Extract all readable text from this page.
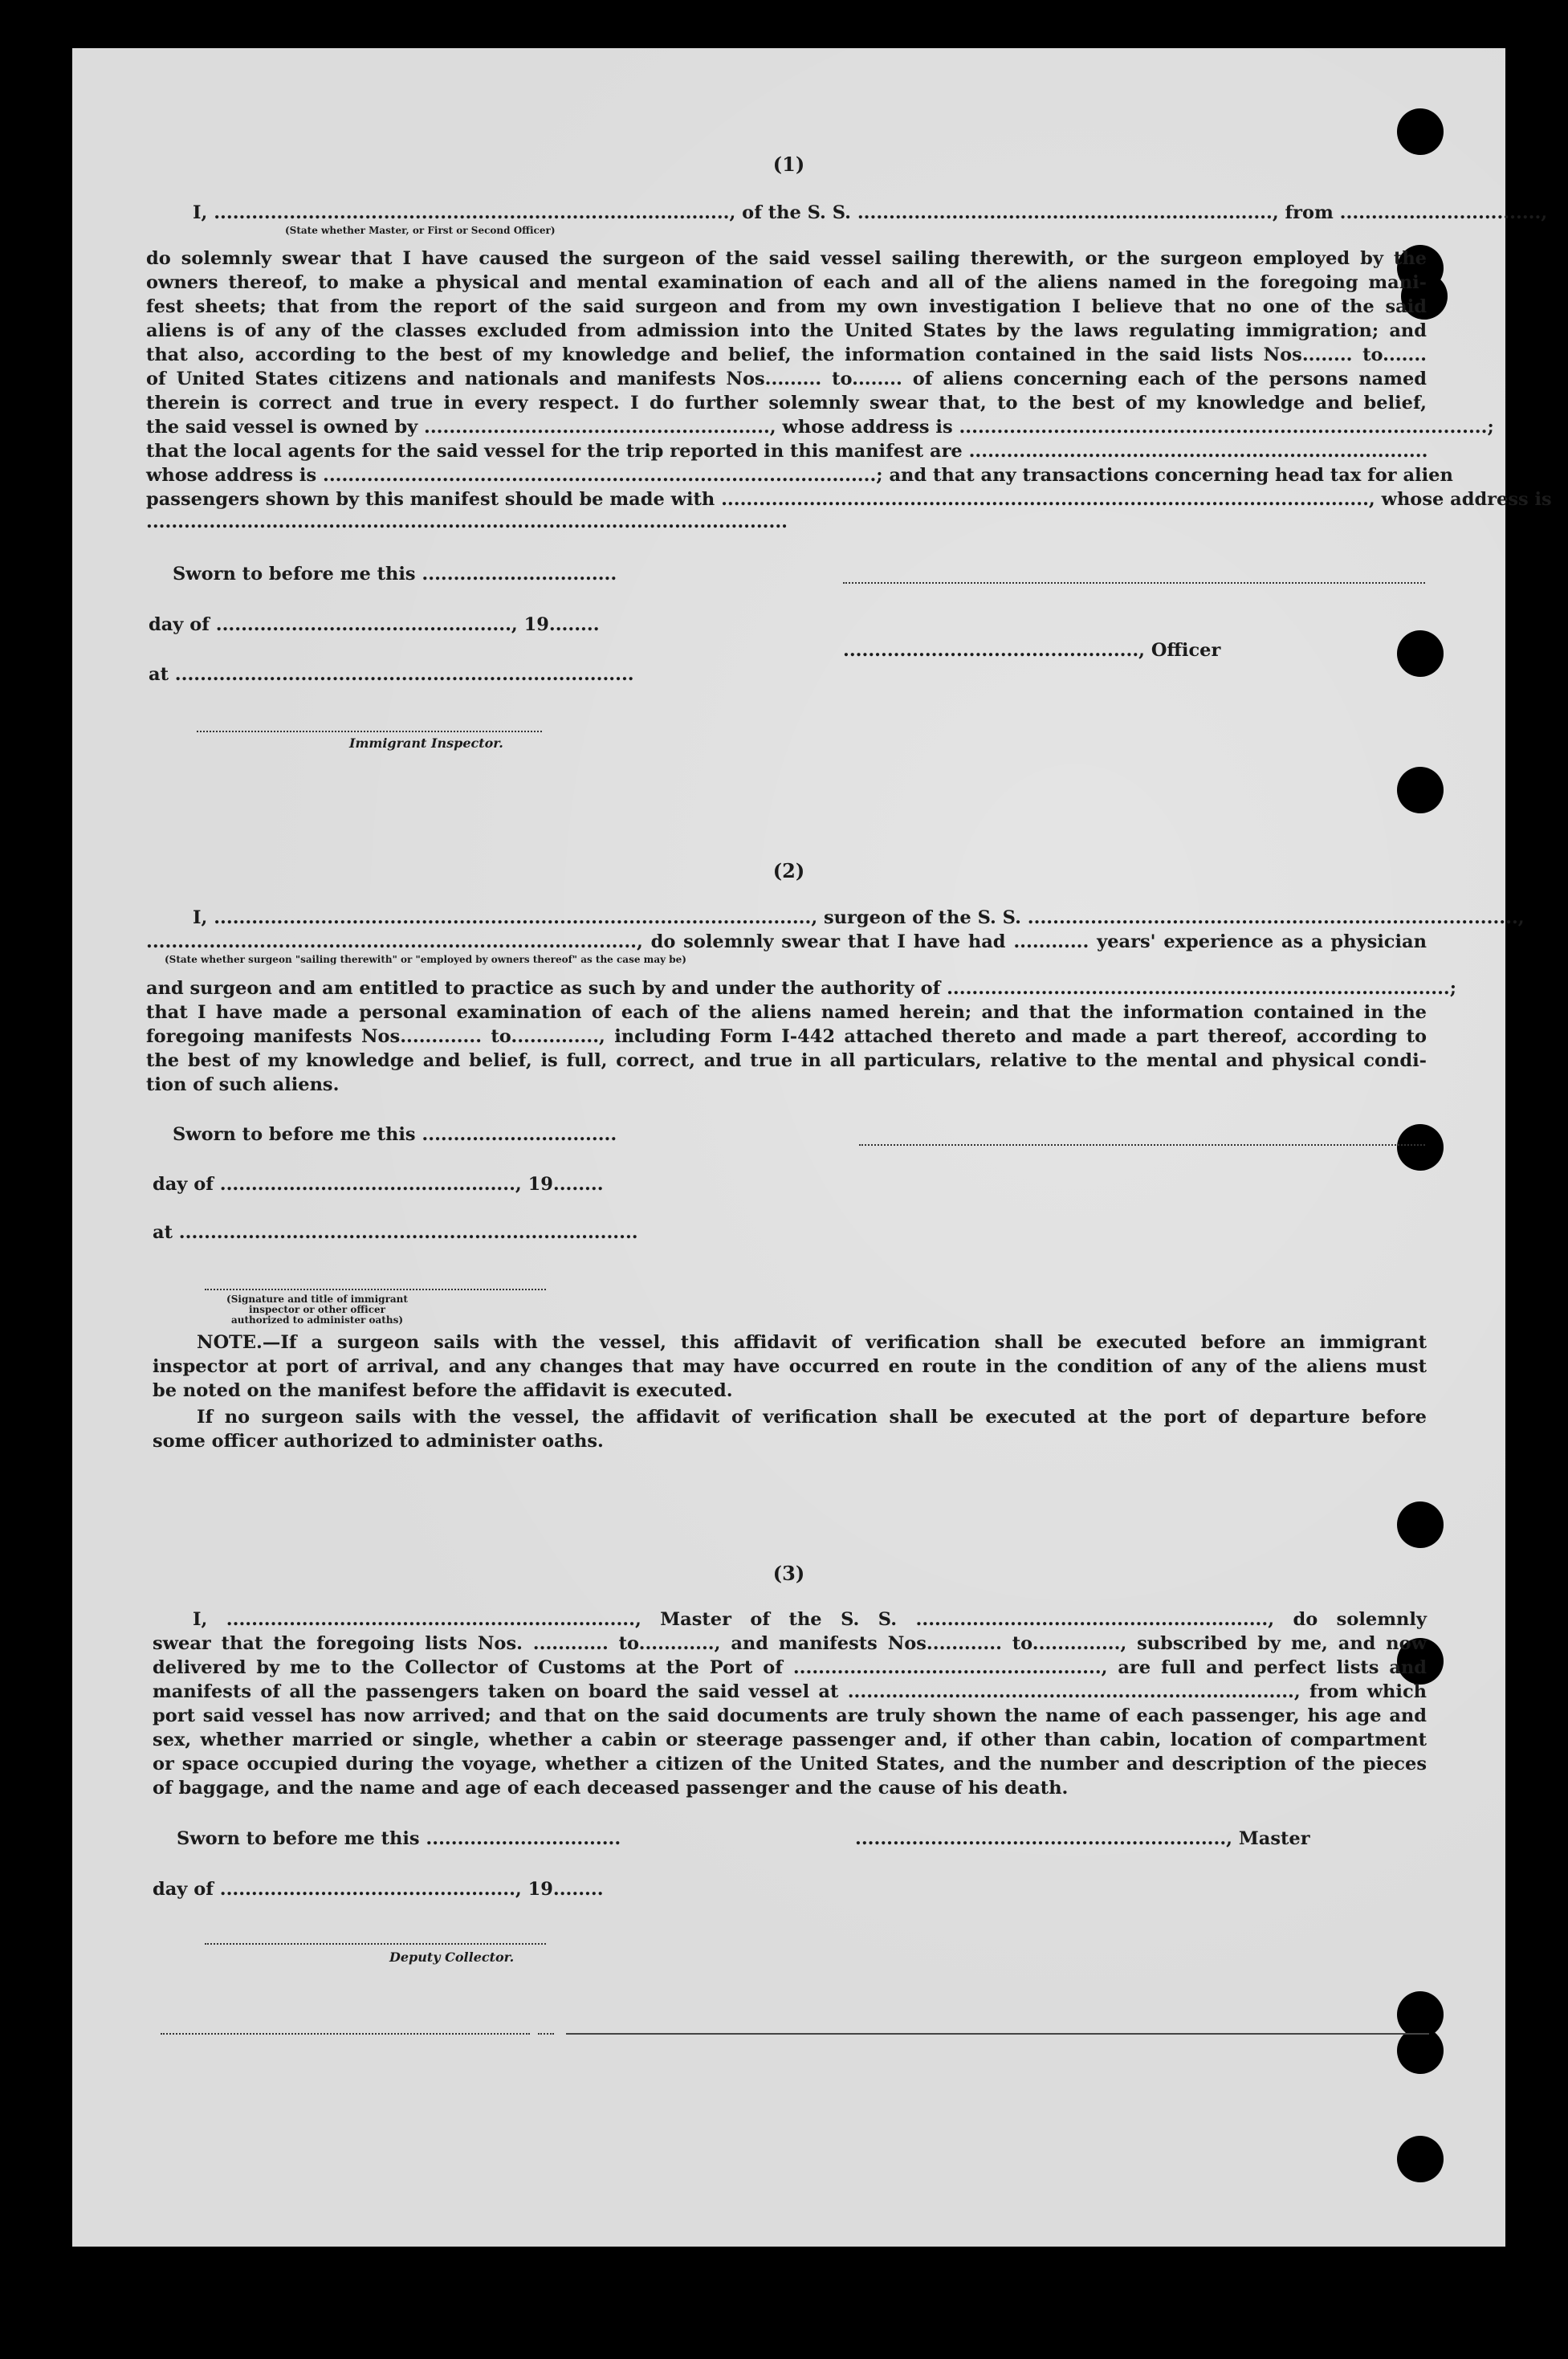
(1)
I, .................................................................................., of the S. S. .................................................................., from ................................,
(State whether Master, or First or Second Officer)
do solemnly swear that I have caused the surgeon of the said vessel sailing therewith, or the surgeon employed by the
owners thereof, to make a physical and mental examination of each and all of the aliens named in the foregoing mani-
fest sheets; that from the report of the said surgeon and from my own investigation I believe that no one of the said
aliens is of any of the classes excluded from admission into the United States by the laws regulating immigration; and
that also, according to the best of my knowledge and belief, the information contained in the said lists Nos........ to.......
of United States citizens and nationals and manifests Nos......... to........ of aliens concerning each of the persons named
therein is correct and true in every respect. I do further solemnly swear that, to the best of my knowledge and belief,
the said vessel is owned by ......................................................., whose address is ....................................................................................;
that the local agents for the said vessel for the trip reported in this manifest are .........................................................................
whose address is ........................................................................................; and that any transactions concerning head tax for alien
passengers shown by this manifest should be made with ......................................................................................................., whose address is
......................................................................................................
Sworn to before me this ...............................
day of ..............................................., 19........
..............................................., Officer
at .........................................................................
Immigrant Inspector.
(2)
I, ..............................................................................................., surgeon of the S. S. ..............................................................................,
.............................................................................., do solemnly swear that I have had ............ years' experience as a physician
(State whether surgeon "sailing therewith" or "employed by owners thereof" as the case may be)
and surgeon and am entitled to practice as such by and under the authority of ................................................................................;
that I have made a personal examination of each of the aliens named herein; and that the information contained in the
foregoing manifests Nos............. to.............., including Form I-442 attached thereto and made a part thereof, according to
the best of my knowledge and belief, is full, correct, and true in all particulars, relative to the mental and physical condi-
tion of such aliens.
Sworn to before me this ...............................
day of ..............................................., 19........
at .........................................................................
(Signature and title of immigrant inspector or other officer authorized to administer oaths)
NOTE.—If a surgeon sails with the vessel, this affidavit of verification shall be executed before an immigrant
inspector at port of arrival, and any changes that may have occurred en route in the condition of any of the aliens must
be noted on the manifest before the affidavit is executed.
If no surgeon sails with the vessel, the affidavit of verification shall be executed at the port of departure before
some officer authorized to administer oaths.
(3)
I, ................................................................., Master of the S. S. ........................................................, do solemnly
swear that the foregoing lists Nos. ............ to............, and manifests Nos............ to.............., subscribed by me, and now
delivered by me to the Collector of Customs at the Port of ................................................., are full and perfect lists and
manifests of all the passengers taken on board the said vessel at ......................................................................., from which
port said vessel has now arrived; and that on the said documents are truly shown the name of each passenger, his age and
sex, whether married or single, whether a cabin or steerage passenger and, if other than cabin, location of compartment
or space occupied during the voyage, whether a citizen of the United States, and the number and description of the pieces
of baggage, and the name and age of each deceased passenger and the cause of his death.
Sworn to before me this ...............................	..........................................................., Master
day of ..............................................., 19........
Deputy Collector.
